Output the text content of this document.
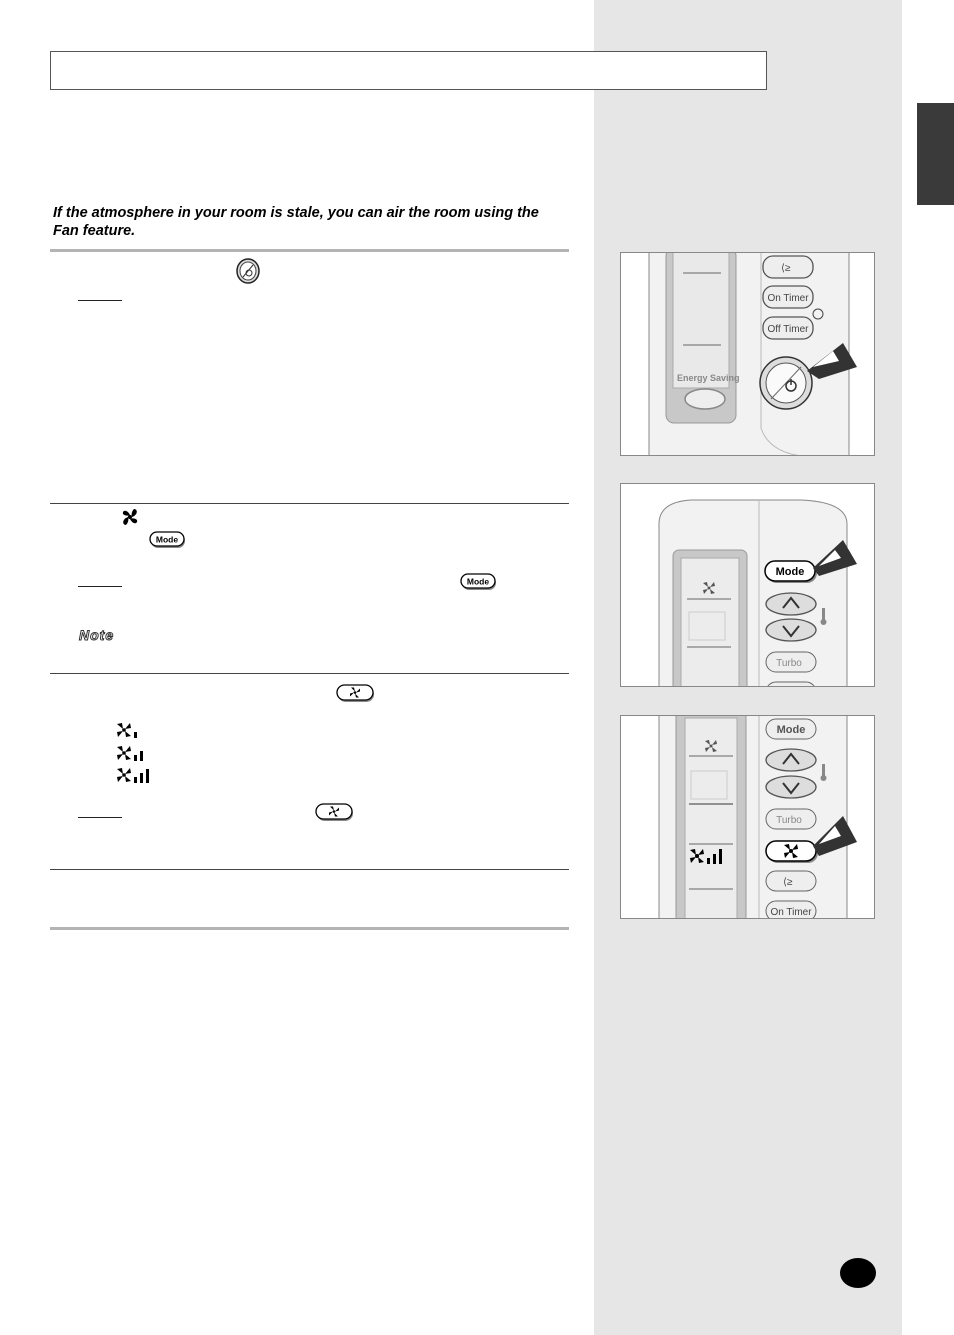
If the atmosphere in your room is stale, you can air the room using the Fan feature.
Mode
Mode
Note
Energy Saving
⟨≥
On Timer
Off Timer
Mode
Turbo
Mode
Turbo
⟨≥
On Timer
